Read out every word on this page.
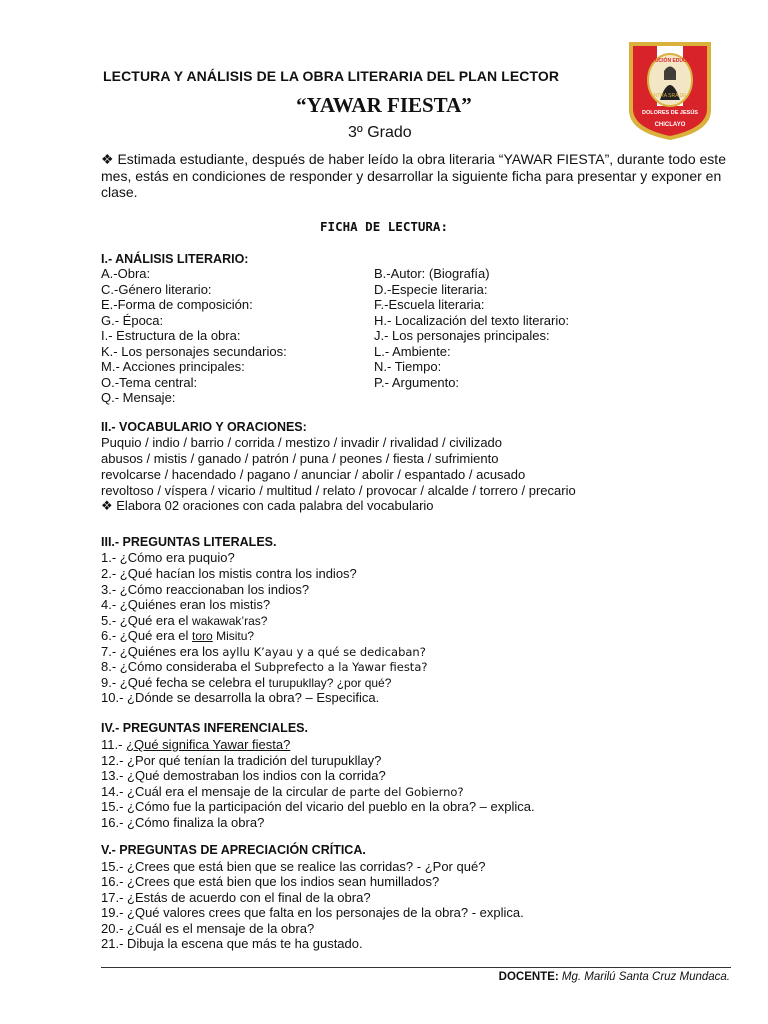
LECTURA Y ANÁLISIS DE LA OBRA LITERARIA DEL PLAN LECTOR
“YAWAR FIESTA”
3º Grado
INSTITUCIÓN EDUCATIVA
NTRA SRA DE
DOLORES DE JESÚS
CHICLAYO
❖ Estimada estudiante, después de haber leído la obra literaria “YAWAR FIESTA”, durante todo este mes, estás en condiciones de responder y desarrollar la siguiente ficha para presentar y exponer en clase.
FICHA DE LECTURA:
I.- ANÁLISIS LITERARIO:
A.-Obra:
C.-Género literario:
E.-Forma de composición:
G.- Época:
I.- Estructura de la obra:
K.- Los personajes secundarios:
M.- Acciones principales:
O.-Tema central:
Q.- Mensaje:
B.-Autor: (Biografía)
D.-Especie literaria:
F.-Escuela literaria:
H.- Localización del texto literario:
J.- Los personajes principales:
L.- Ambiente:
N.- Tiempo:
P.- Argumento:
II.- VOCABULARIO Y ORACIONES:
Puquio / indio / barrio / corrida / mestizo / invadir / rivalidad / civilizado
abusos / mistis / ganado / patrón / puna / peones / fiesta / sufrimiento
revolcarse / hacendado / pagano / anunciar / abolir / espantado / acusado
revoltoso / víspera / vicario / multitud / relato / provocar / alcalde / torrero / precario
❖ Elabora 02 oraciones con cada palabra del vocabulario
III.- PREGUNTAS LITERALES.
1.- ¿Cómo era puquio?
2.- ¿Qué hacían los mistis contra los indios?
3.- ¿Cómo reaccionaban los indios?
4.- ¿Quiénes eran los mistis?
5.- ¿Qué era el wakawak’ras?
6.- ¿Qué era el toro Misitu?
7.- ¿Quiénes era los ayllu K’ayau y a qué se dedicaban?
8.- ¿Cómo consideraba el Subprefecto a la Yawar fiesta?
9.- ¿Qué fecha se celebra el turupukllay? ¿por qué?
10.- ¿Dónde se desarrolla la obra? – Especifica.
IV.- PREGUNTAS INFERENCIALES.
11.- ¿Qué significa Yawar fiesta?
12.- ¿Por qué tenían la tradición del turupukllay?
13.- ¿Qué demostraban los indios con la corrida?
14.- ¿Cuál era el mensaje de la circular de parte del Gobierno?
15.- ¿Cómo fue la participación del vicario del pueblo en la obra? – explica.
16.- ¿Cómo finaliza la obra?
V.- PREGUNTAS DE APRECIACIÓN CRÍTICA.
15.- ¿Crees que está bien que se realice las corridas? - ¿Por qué?
16.- ¿Crees que está bien que los indios sean humillados?
17.- ¿Estás de acuerdo con el final de la obra?
19.- ¿Qué valores crees que falta en los personajes de la obra? - explica.
20.- ¿Cuál es el mensaje de la obra?
21.- Dibuja la escena que más te ha gustado.
DOCENTE: Mg. Marilú Santa Cruz Mundaca.
